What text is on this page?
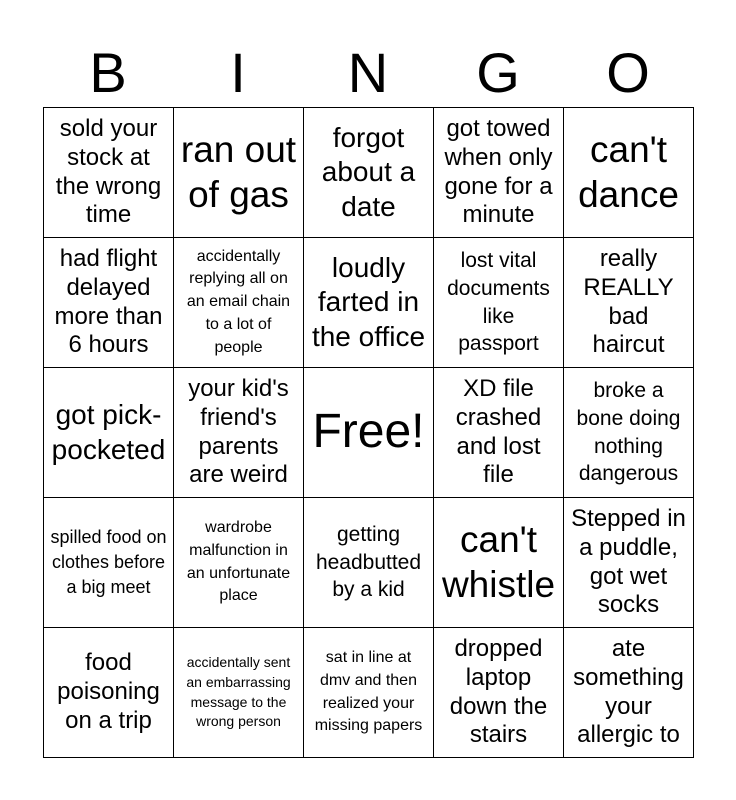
B	I	N	G	O
sold your stock at the wrong time
ran out of gas
forgot about a date
got towed when only gone for a minute
can't dance
had flight delayed more than 6 hours
accidentally replying all on an email chain to a lot of people
loudly farted in the office
lost vital documents like passport
really REALLY bad haircut
got pick-pocketed
your kid's friend's parents are weird
Free!
XD file crashed and lost file
broke a bone doing nothing dangerous
spilled food on clothes before a big meet
wardrobe malfunction in an unfortunate place
getting headbutted by a kid
can't whistle
Stepped in a puddle, got wet socks
food poisoning on a trip
accidentally sent an embarrassing message to the wrong person
sat in line at dmv and then realized your missing papers
dropped laptop down the stairs
ate something your allergic to
